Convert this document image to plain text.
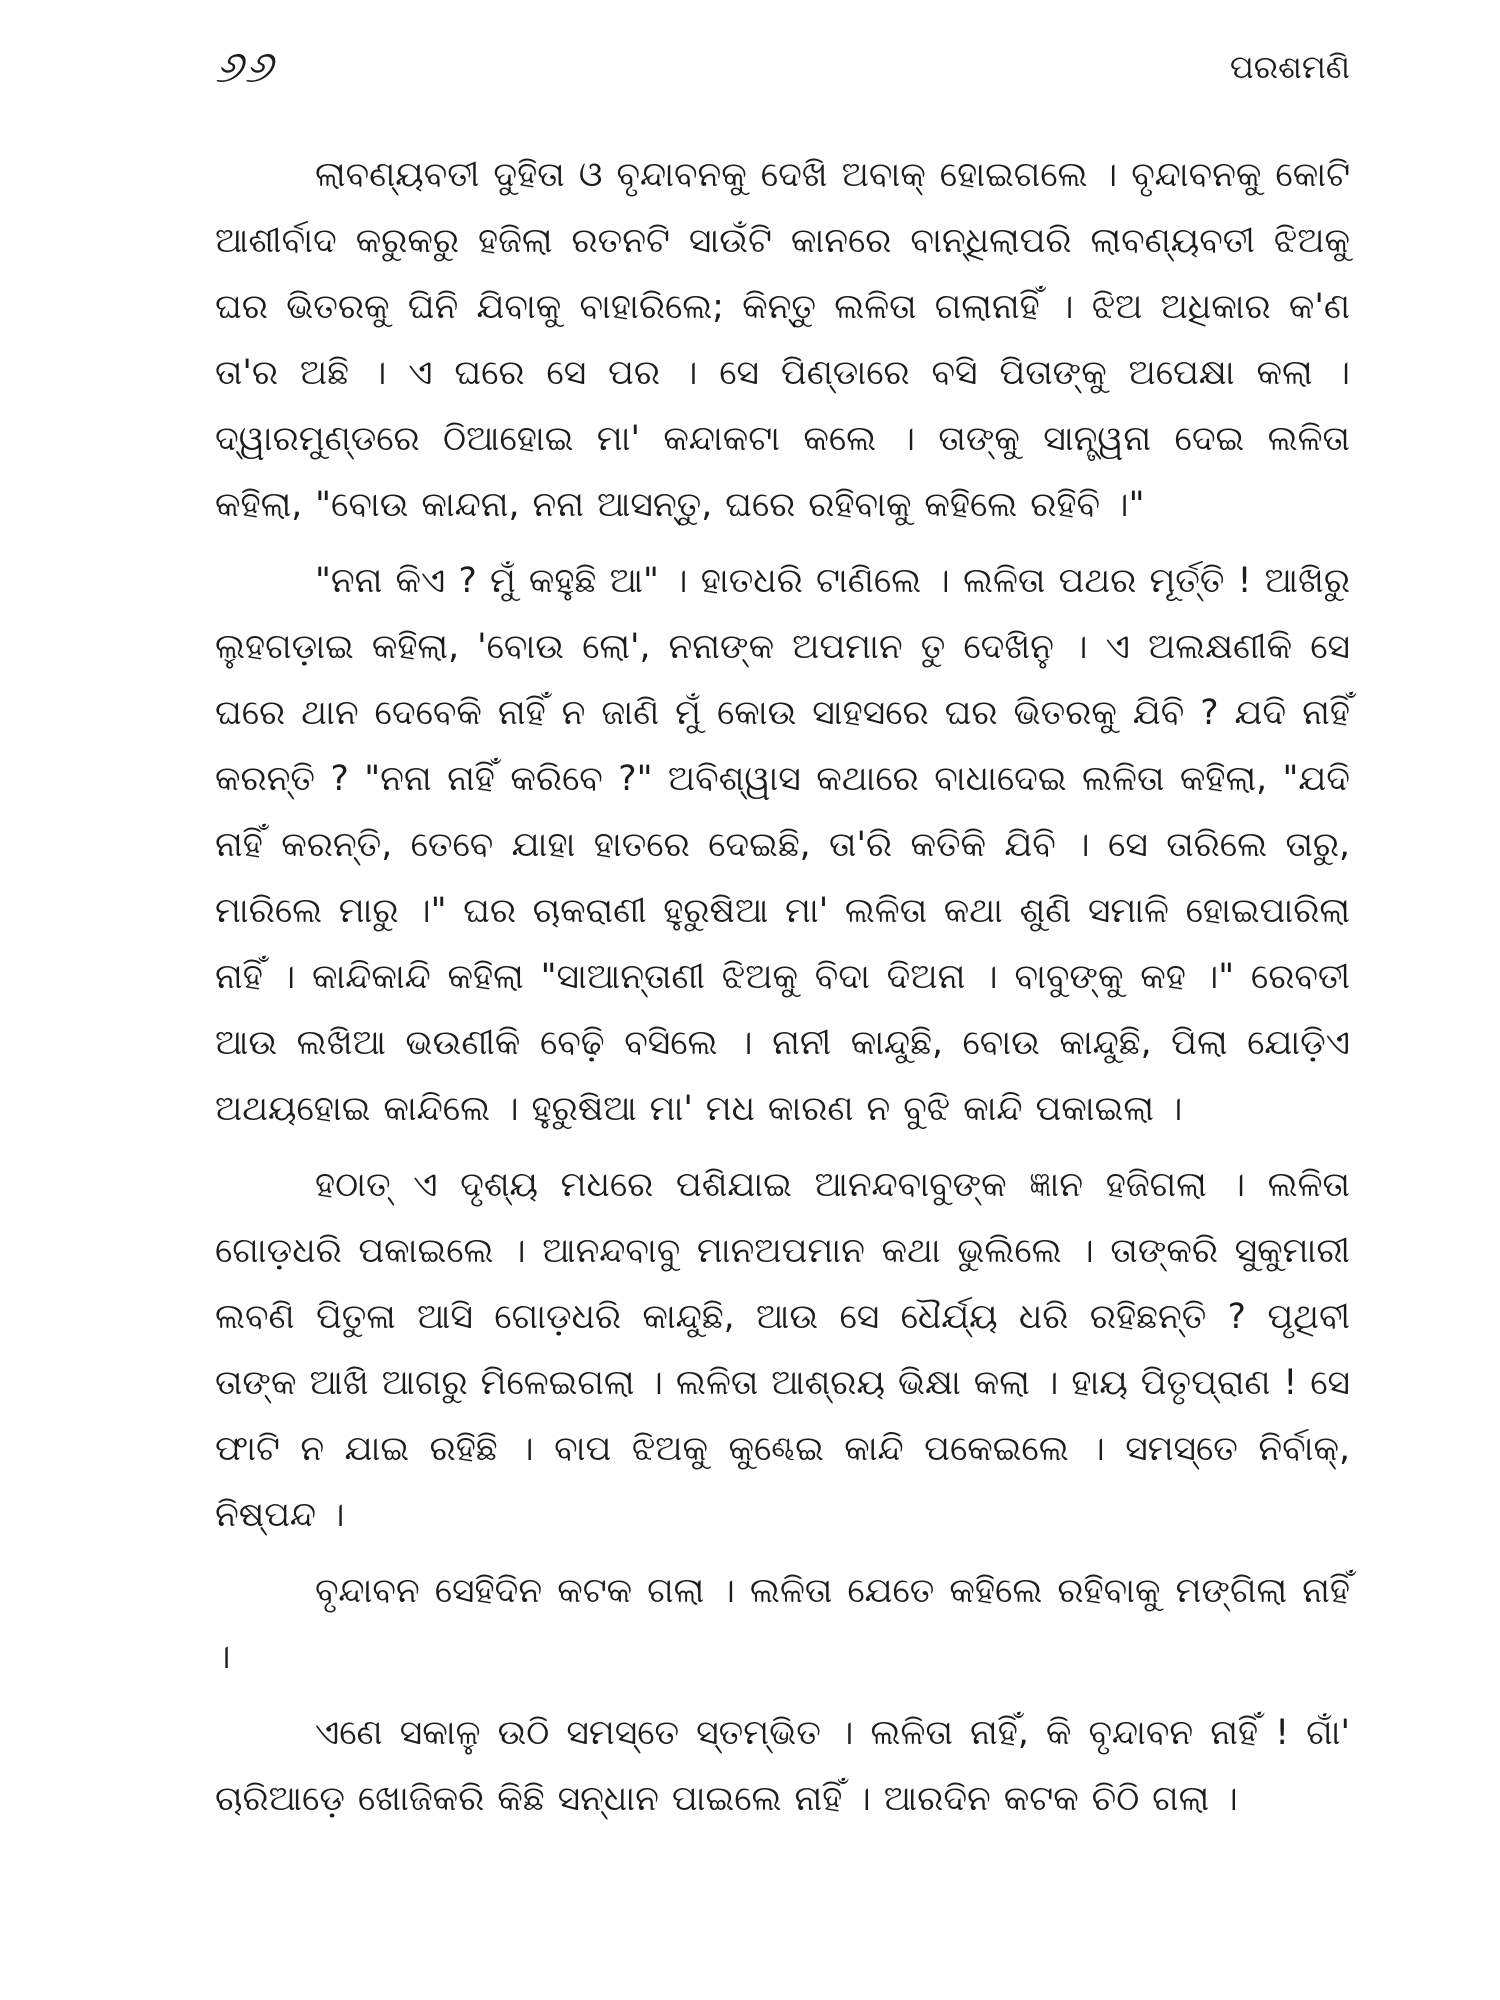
୬୬	ପରଶମଣି

ଲାବଣ୍ୟବତୀ ଦୁହିତା ଓ ବୃନ୍ଦାବନକୁ ଦେଖି ଅବାକ୍ ହୋଇଗଲେ । ବୃନ୍ଦାବନକୁ କୋଟି ଆଶୀର୍ବାଦ କରୁକରୁ ହଜିଲା ରତନଟି ସାଉଁଟି କାନରେ ବାନ୍ଧିଲାପରି ଲାବଣ୍ୟବତୀ ଝିଅକୁ ଘର ଭିତରକୁ ଘିନି ଯିବାକୁ ବାହାରିଲେ; କିନ୍ତୁ ଲଳିତା ଗଲାନାହିଁ । ଝିଅ ଅଧିକାର କ'ଣ ତା'ର ଅଛି । ଏ ଘରେ ସେ ପର । ସେ ପିଣ୍ଡାରେ ବସି ପିତାଙ୍କୁ ଅପେକ୍ଷା କଲା । ଦ୍ୱାରମୁଣ୍ଡରେ ଠିଆହୋଇ ମା' କନ୍ଦାକଟା କଲେ । ତାଙ୍କୁ ସାନ୍ତ୍ୱନା ଦେଇ ଲଳିତା କହିଲା, "ବୋଉ କାନ୍ଦନା, ନନା ଆସନ୍ତୁ, ଘରେ ରହିବାକୁ କହିଲେ ରହିବି ।"

"ନନା କିଏ ? ମୁଁ କହୁଛି ଆ" । ହାତଧରି ଟାଣିଲେ । ଲଳିତା ପଥର ମୂର୍ତ୍ତି ! ଆଖିରୁ ଲୁହଗଡ଼ାଇ କହିଲା, 'ବୋଉ ଲୋ', ନନାଙ୍କ ଅପମାନ ତୁ ଦେଖିନୁ । ଏ ଅଲକ୍ଷଣୀକି ସେ ଘରେ ଥାନ ଦେବେକି ନାହିଁ ନ ଜାଣି ମୁଁ କୋଉ ସାହସରେ ଘର ଭିତରକୁ ଯିବି ? ଯଦି ନାହିଁ କରନ୍ତି ? "ନନା ନାହିଁ କରିବେ ?" ଅବିଶ୍ୱାସ କଥାରେ ବାଧାଦେଇ ଲଳିତା କହିଲା, "ଯଦି ନାହିଁ କରନ୍ତି, ତେବେ ଯାହା ହାତରେ ଦେଇଛି, ତା'ରି କତିକି ଯିବି । ସେ ତାରିଲେ ତାରୁ, ମାରିଲେ ମାରୁ ।" ଘର ଚାକରାଣୀ ହୁରୁଷିଆ ମା' ଲଳିତା କଥା ଶୁଣି ସମାଳି ହୋଇପାରିଲା ନାହିଁ । କାନ୍ଦିକାନ୍ଦି କହିଲା "ସାଆନ୍ତାଣୀ ଝିଅକୁ ବିଦା ଦିଅନା । ବାବୁଙ୍କୁ କହ ।" ରେବତୀ ଆଉ ଲଖିଆ ଭଉଣୀକି ବେଢ଼ି ବସିଲେ । ନାନୀ କାନ୍ଦୁଛି, ବୋଉ କାନ୍ଦୁଛି, ପିଲା ଯୋଡ଼ିଏ ଅଥୟହୋଇ କାନ୍ଦିଲେ । ହୁରୁଷିଆ ମା' ମଧ କାରଣ ନ ବୁଝି କାନ୍ଦି ପକାଇଲା ।

ହଠାତ୍ ଏ ଦୃଶ୍ୟ ମଧରେ ପଶିଯାଇ ଆନନ୍ଦବାବୁଙ୍କ ଜ୍ଞାନ ହଜିଗଲା । ଲଳିତା ଗୋଡ଼ଧରି ପକାଇଲେ । ଆନନ୍ଦବାବୁ ମାନଅପମାନ କଥା ଭୁଲିଲେ । ତାଙ୍କରି ସୁକୁମାରୀ ଲବଣି ପିତୁଳା ଆସି ଗୋଡ଼ଧରି କାନ୍ଦୁଛି, ଆଉ ସେ ଧୈର୍ଯ୍ୟ ଧରି ରହିଛନ୍ତି ? ପୃଥିବୀ ତାଙ୍କ ଆଖି ଆଗରୁ ମିଳେଇଗଲା । ଲଳିତା ଆଶ୍ରୟ ଭିକ୍ଷା କଲା । ହାୟ ପିତୃପ୍ରାଣ ! ସେ ଫାଟି ନ ଯାଇ ରହିଛି । ବାପ ଝିଅକୁ କୁଣ୍ଢେଇ କାନ୍ଦି ପକେଇଲେ । ସମସ୍ତେ ନିର୍ବାକ୍, ନିଷ୍ପନ୍ଦ ।

ବୃନ୍ଦାବନ ସେହିଦିନ କଟକ ଗଲା । ଲଳିତା ଯେତେ କହିଲେ ରହିବାକୁ ମଙ୍ଗିଲା ନାହିଁ ।

ଏଣେ ସକାଳୁ ଉଠି ସମସ୍ତେ ସ୍ତମ୍ଭିତ । ଲଳିତା ନାହିଁ, କି ବୃନ୍ଦାବନ ନାହିଁ ! ଗାଁ' ଚାରିଆଡ଼େ ଖୋଜିକରି କିଛି ସନ୍ଧାନ ପାଇଲେ ନାହିଁ । ଆରଦିନ କଟକ ଚିଠି ଗଲା ।
